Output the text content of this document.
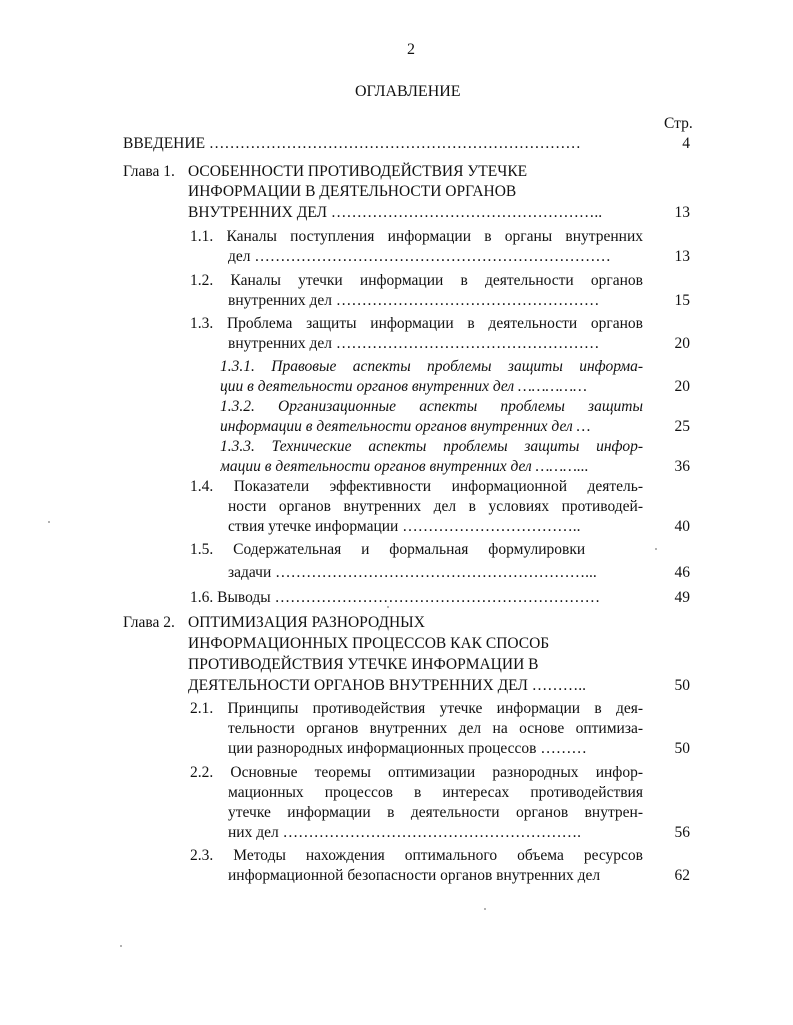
2
ОГЛАВЛЕНИЕ
Стр.
ВВЕДЕНИЕ ………………………………………………………………	4
Глава 1. ОСОБЕННОСТИ ПРОТИВОДЕЙСТВИЯ УТЕЧКЕ
ИНФОРМАЦИИ В ДЕЯТЕЛЬНОСТИ ОРГАНОВ
ВНУТРЕННИХ ДЕЛ ……………………………………………..	13
1.1. Каналы поступления информации в органы внутренних
дел ……………………………………………………………	13
1.2. Каналы утечки информации в деятельности органов
внутренних дел ……………………………………………	15
1.3. Проблема защиты информации в деятельности органов
внутренних дел ……………………………………………	20
1.3.1. Правовые аспекты проблемы защиты информа-
ции в деятельности органов внутренних дел ……………	20
1.3.2. Организационные аспекты проблемы защиты
информации в деятельности органов внутренних дел …	25
1.3.3. Технические аспекты проблемы защиты инфор-
мации в деятельности органов внутренних дел ………...	36
1.4. Показатели эффективности информационной деятель-
ности органов внутренних дел в условиях противодей-
ствия утечке информации ……………………………..	40
1.5. Содержательная и формальная формулировки
задачи ……………………………………………………...	46
1.6. Выводы ………………………………………………………	49
Глава 2. ОПТИМИЗАЦИЯ РАЗНОРОДНЫХ
ИНФОРМАЦИОННЫХ ПРОЦЕССОВ КАК СПОСОБ
ПРОТИВОДЕЙСТВИЯ УТЕЧКЕ ИНФОРМАЦИИ В
ДЕЯТЕЛЬНОСТИ ОРГАНОВ ВНУТРЕННИХ ДЕЛ ………..	50
2.1. Принципы противодействия утечке информации в дея-
тельности органов внутренних дел на основе оптимиза-
ции разнородных информационных процессов ………	50
2.2. Основные теоремы оптимизации разнородных инфор-
мационных процессов в интересах противодействия
утечке информации в деятельности органов внутрен-
них дел ………………………………………………….	56
2.3. Методы нахождения оптимального объема ресурсов
информационной безопасности органов внутренних дел	62
